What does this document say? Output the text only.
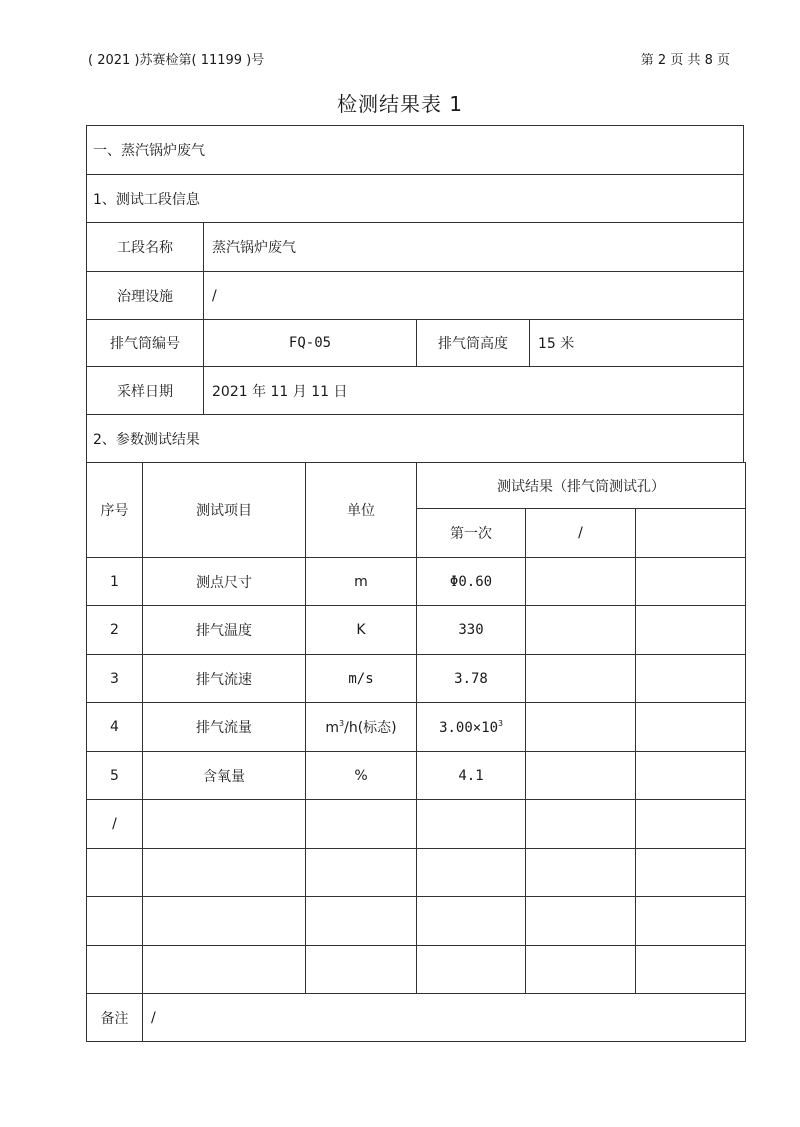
( 2021 )苏赛检第( 11199 )号	第 2 页 共 8 页
检测结果表 1
一、蒸汽锅炉废气			
1、测试工段信息			
工段名称	蒸汽锅炉废气		
治理设施	/		
排气筒编号	FQ-05	排气筒高度	15 米
采样日期	2021 年 11 月 11 日		
2、参数测试结果			
序号	测试项目	单位	测试结果（排气筒测试孔）		
			第一次	/	
1	测点尺寸	m	Φ0.60		
2	排气温度	K	330		
3	排气流速	m/s	3.78		
4	排气流量	$m^3/h$(标态)	$3.00\times 10^3$		
5	含氧量	%	4.1		
/					

备注	/				
